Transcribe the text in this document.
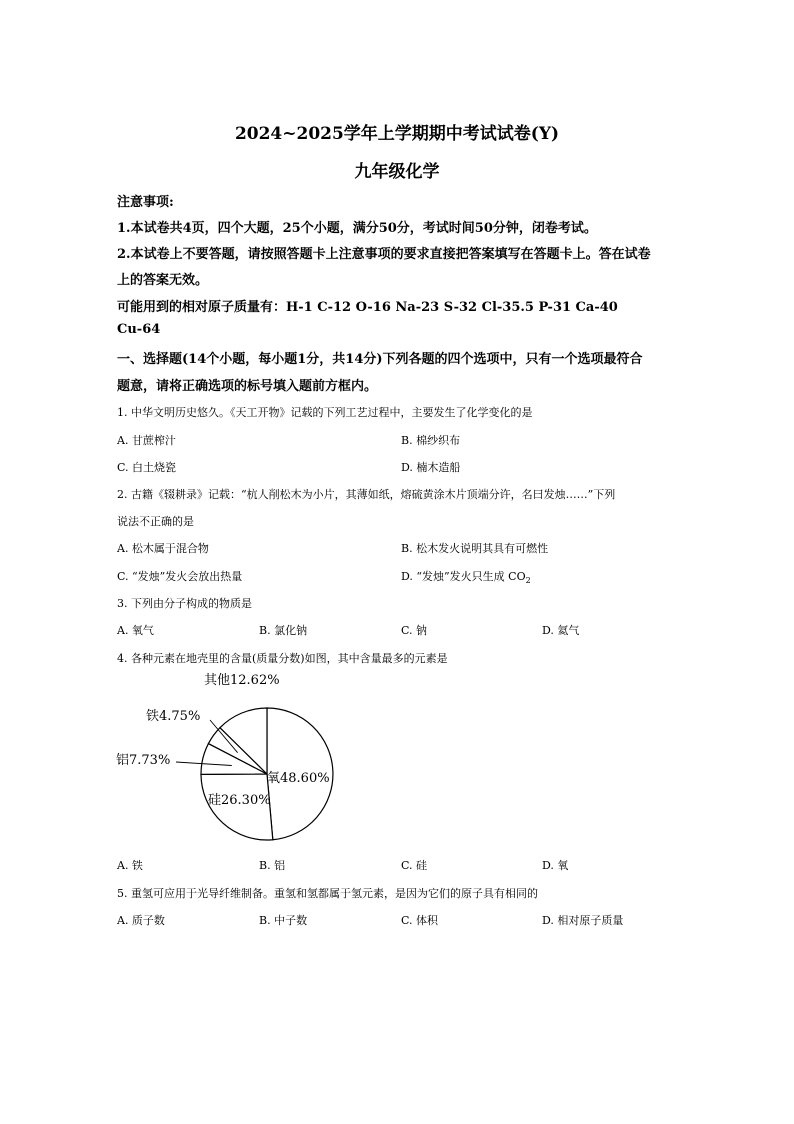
2024~2025学年上学期期中考试试卷(Y)
九年级化学
注意事项:
1.本试卷共4页，四个大题，25个小题，满分50分，考试时间50分钟，闭卷考试。
2.本试卷上不要答题，请按照答题卡上注意事项的要求直接把答案填写在答题卡上。答在试卷
上的答案无效。
可能用到的相对原子质量有：H-1 C-12 O-16 Na-23 S-32 Cl-35.5 P-31 Ca-40
Cu-64
一、选择题(14个小题，每小题1分，共14分)下列各题的四个选项中，只有一个选项最符合
题意，请将正确选项的标号填入题前方框内。
1. 中华文明历史悠久。《天工开物》记载的下列工艺过程中，主要发生了化学变化的是
A. 甘蔗榨汁	B. 棉纱织布
C. 白土烧瓷	D. 楠木造船
2. 古籍《辍耕录》记载：“杭人削松木为小片，其薄如纸，熔硫黄涂木片顶端分许，名曰发烛……”下列
说法不正确的是
A. 松木属于混合物	B. 松木发火说明其具有可燃性
C. “发烛”发火会放出热量	D. “发烛”发火只生成 $CO_2$
3. 下列由分子构成的物质是
A. 氧气	B. 氯化钠	C. 钠	D. 氦气
4. 各种元素在地壳里的含量(质量分数)如图，其中含量最多的元素是
氧48.60%
硅26.30%
铝7.73%
铁4.75%
其他12.62%
A. 铁	B. 铝	C. 硅	D. 氧
5. 重氢可应用于光导纤维制备。重氢和氢都属于氢元素，是因为它们的原子具有相同的
A. 质子数	B. 中子数	C. 体积	D. 相对原子质量
